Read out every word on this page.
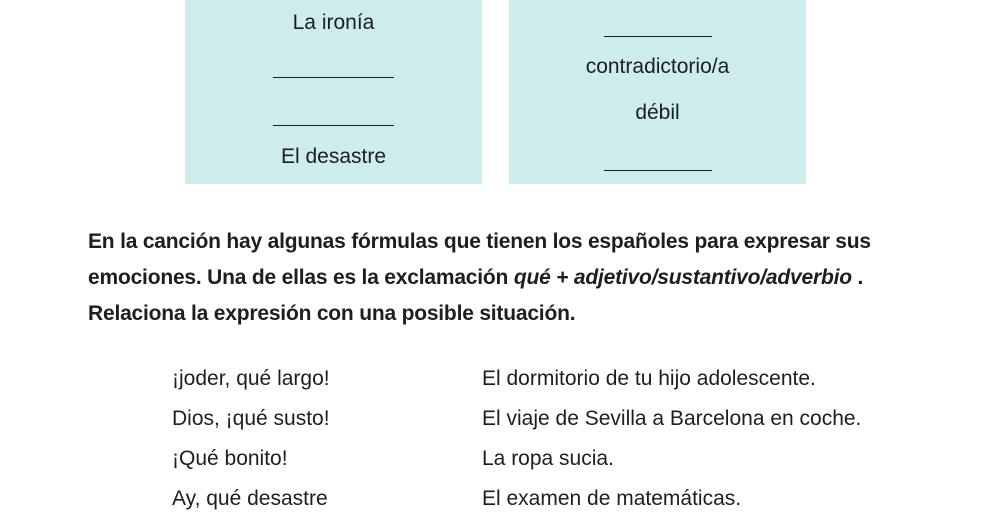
La ironía
El desastre
contradictorio/a
débil

En la canción hay algunas fórmulas que tienen los españoles para expresar sus

emociones. Una de ellas es la exclamación qué + adjetivo/sustantivo/adverbio .

Relaciona la expresión con una posible situación.

¡joder, qué largo!
Dios, ¡qué susto!
¡Qué bonito!
Ay, qué desastre
El dormitorio de tu hijo adolescente.
El viaje de Sevilla a Barcelona en coche.
La ropa sucia.
El examen de matemáticas.
